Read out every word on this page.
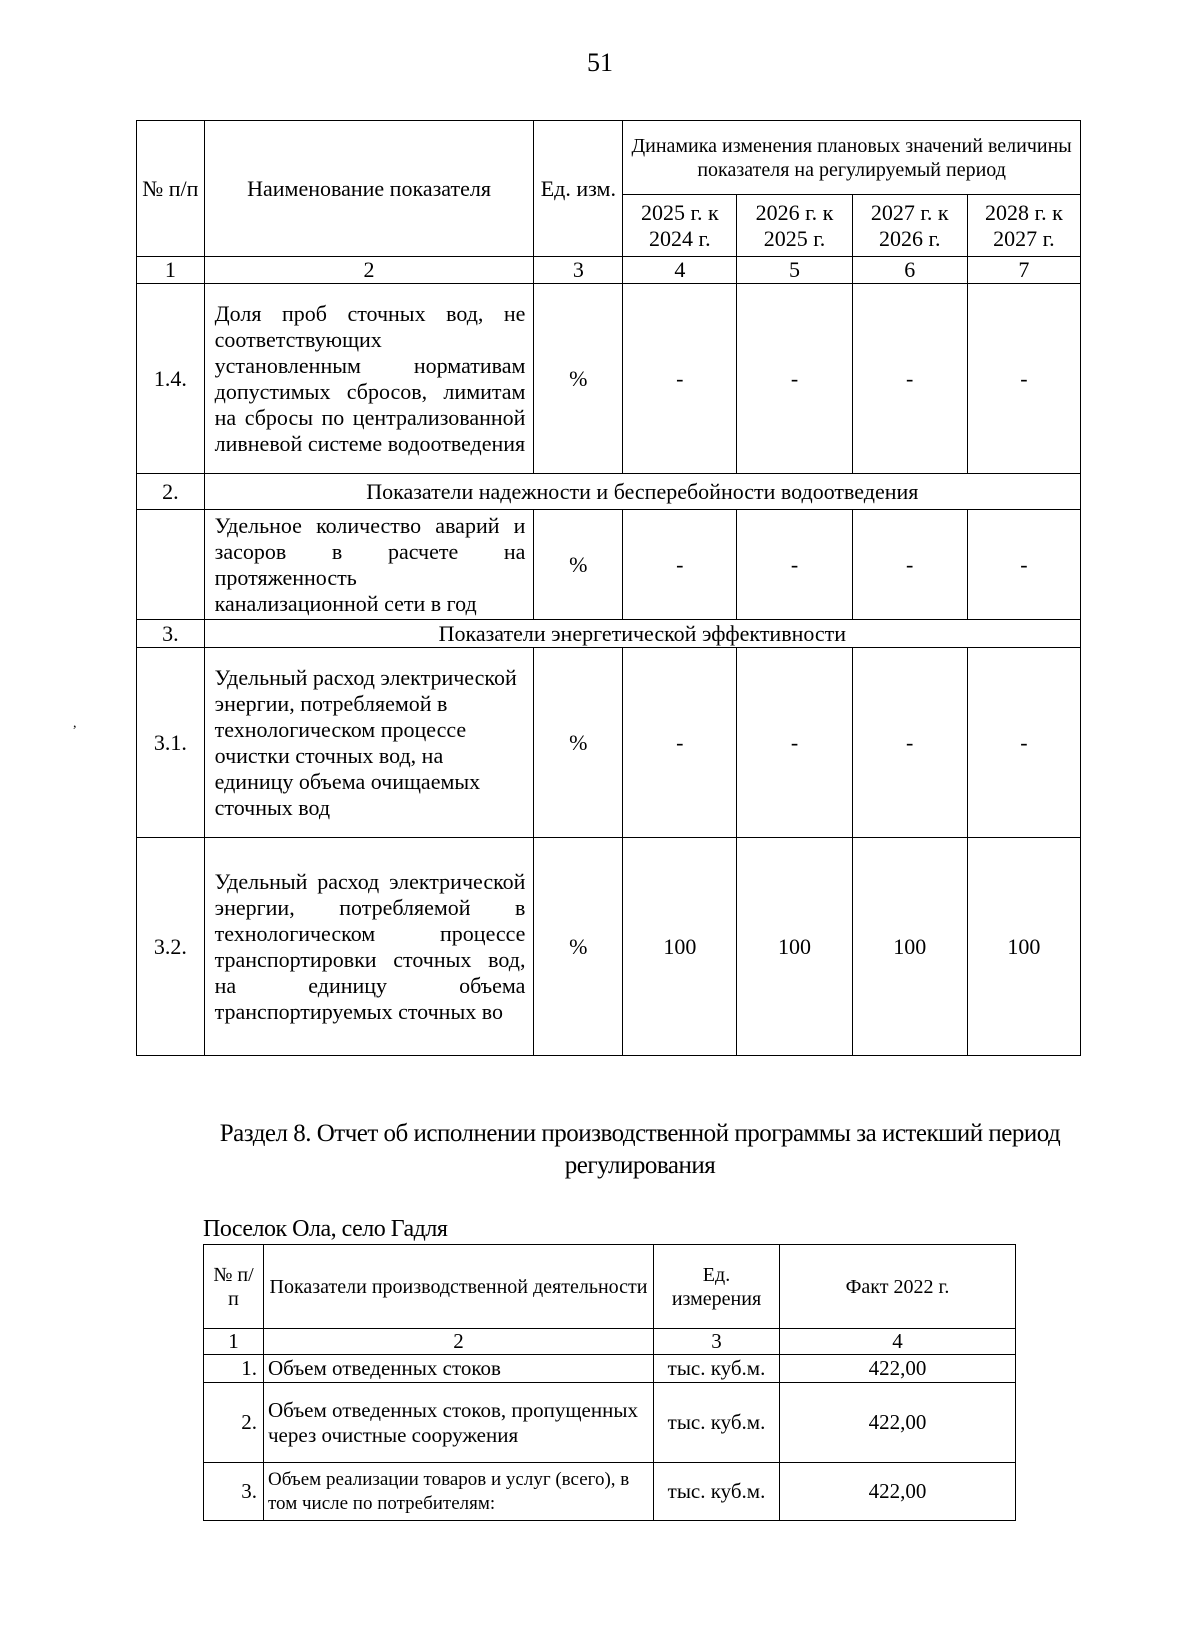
51
,
№ п/п	Наименование показателя	Ед. изм.	Динамика изменения плановых значений величины показателя на регулируемый период			
			2025 г. к 2024 г.	2026 г. к 2025 г.	2027 г. к 2026 г.	2028 г. к 2027 г.
1	2	3	4	5	6	7
1.4.	Доля проб сточных вод, не соответствующих установленным нормативам допустимых сбросов, лимитам на сбросы по централизованной ливневой системе водоотведения	%	-	-	-	-
2.	Показатели надежности и бесперебойности водоотведения					
	Удельное количество аварий и засоров в расчете на протяженность канализационной сети в год	%	-	-	-	-
3.	Показатели энергетической эффективности					
3.1.	Удельный расход электрической энергии, потребляемой в технологическом процессе очистки сточных вод, на единицу объема очищаемых сточных вод	%	-	-	-	-
3.2.	Удельный расход электрической энергии, потребляемой в технологическом процессе транспортировки сточных вод, на единицу объема транспортируемых сточных во	%	100	100	100	100
Раздел 8. Отчет об исполнении производственной программы за истекший период регулирования
Поселок Ола, село Гадля
№ п/п	Показатели производственной деятельности	Ед. измерения	Факт 2022 г.
1	2	3	4
1.	Объем отведенных стоков	тыс. куб.м.	422,00
2.	Объем отведенных стоков, пропущенных через очистные сооружения	тыс. куб.м.	422,00
3.	Объем реализации товаров и услуг (всего), в том числе по потребителям:	тыс. куб.м.	422,00
